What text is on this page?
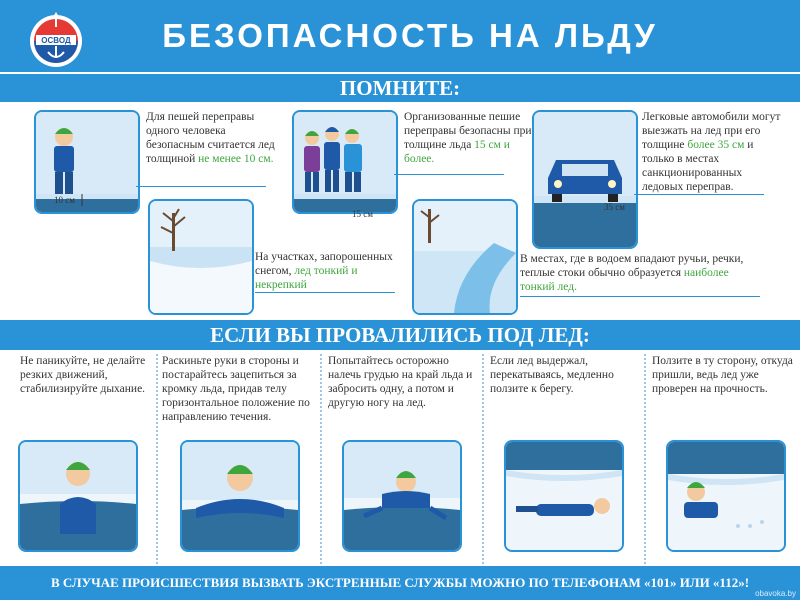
ОСВОД	БЕЗОПАСНОСТЬ НА ЛЬДУ
ПОМНИТЕ:
10 см
15 см
35 см
Для пешей переправы одного человека безопасным считается лед толщиной не менее 10 см.
На участках, запорошенных снегом, лед тонкий и некрепкий
Организованные пешие переправы безопасны при толщине льда 15 см и более.
В местах, где в водоем впадают ручьи, речки, теплые стоки обычно образуется наиболее тонкий лед.
Легковые автомобили могут выезжать на лед при его толщине более 35 см и только в местах санкционированных ледовых переправ.
ЕСЛИ ВЫ ПРОВАЛИЛИСЬ ПОД ЛЕД:
Не паникуйте, не делайте резких движений, стабилизируйте дыхание.
Раскиньте руки в стороны и постарайтесь зацепиться за кромку льда, придав телу горизонтальное положение по направлению течения.
Попытайтесь осторожно налечь грудью на край льда и забросить одну, а потом и другую ногу на лед.
Если лед выдержал, перекатываясь, медленно ползите к берегу.
Ползите в ту сторону, откуда пришли, ведь лед уже проверен на прочность.
В СЛУЧАЕ ПРОИСШЕСТВИЯ ВЫЗВАТЬ ЭКСТРЕННЫЕ СЛУЖБЫ МОЖНО ПО ТЕЛЕФОНАМ «101» ИЛИ «112»!
obavoka.by
